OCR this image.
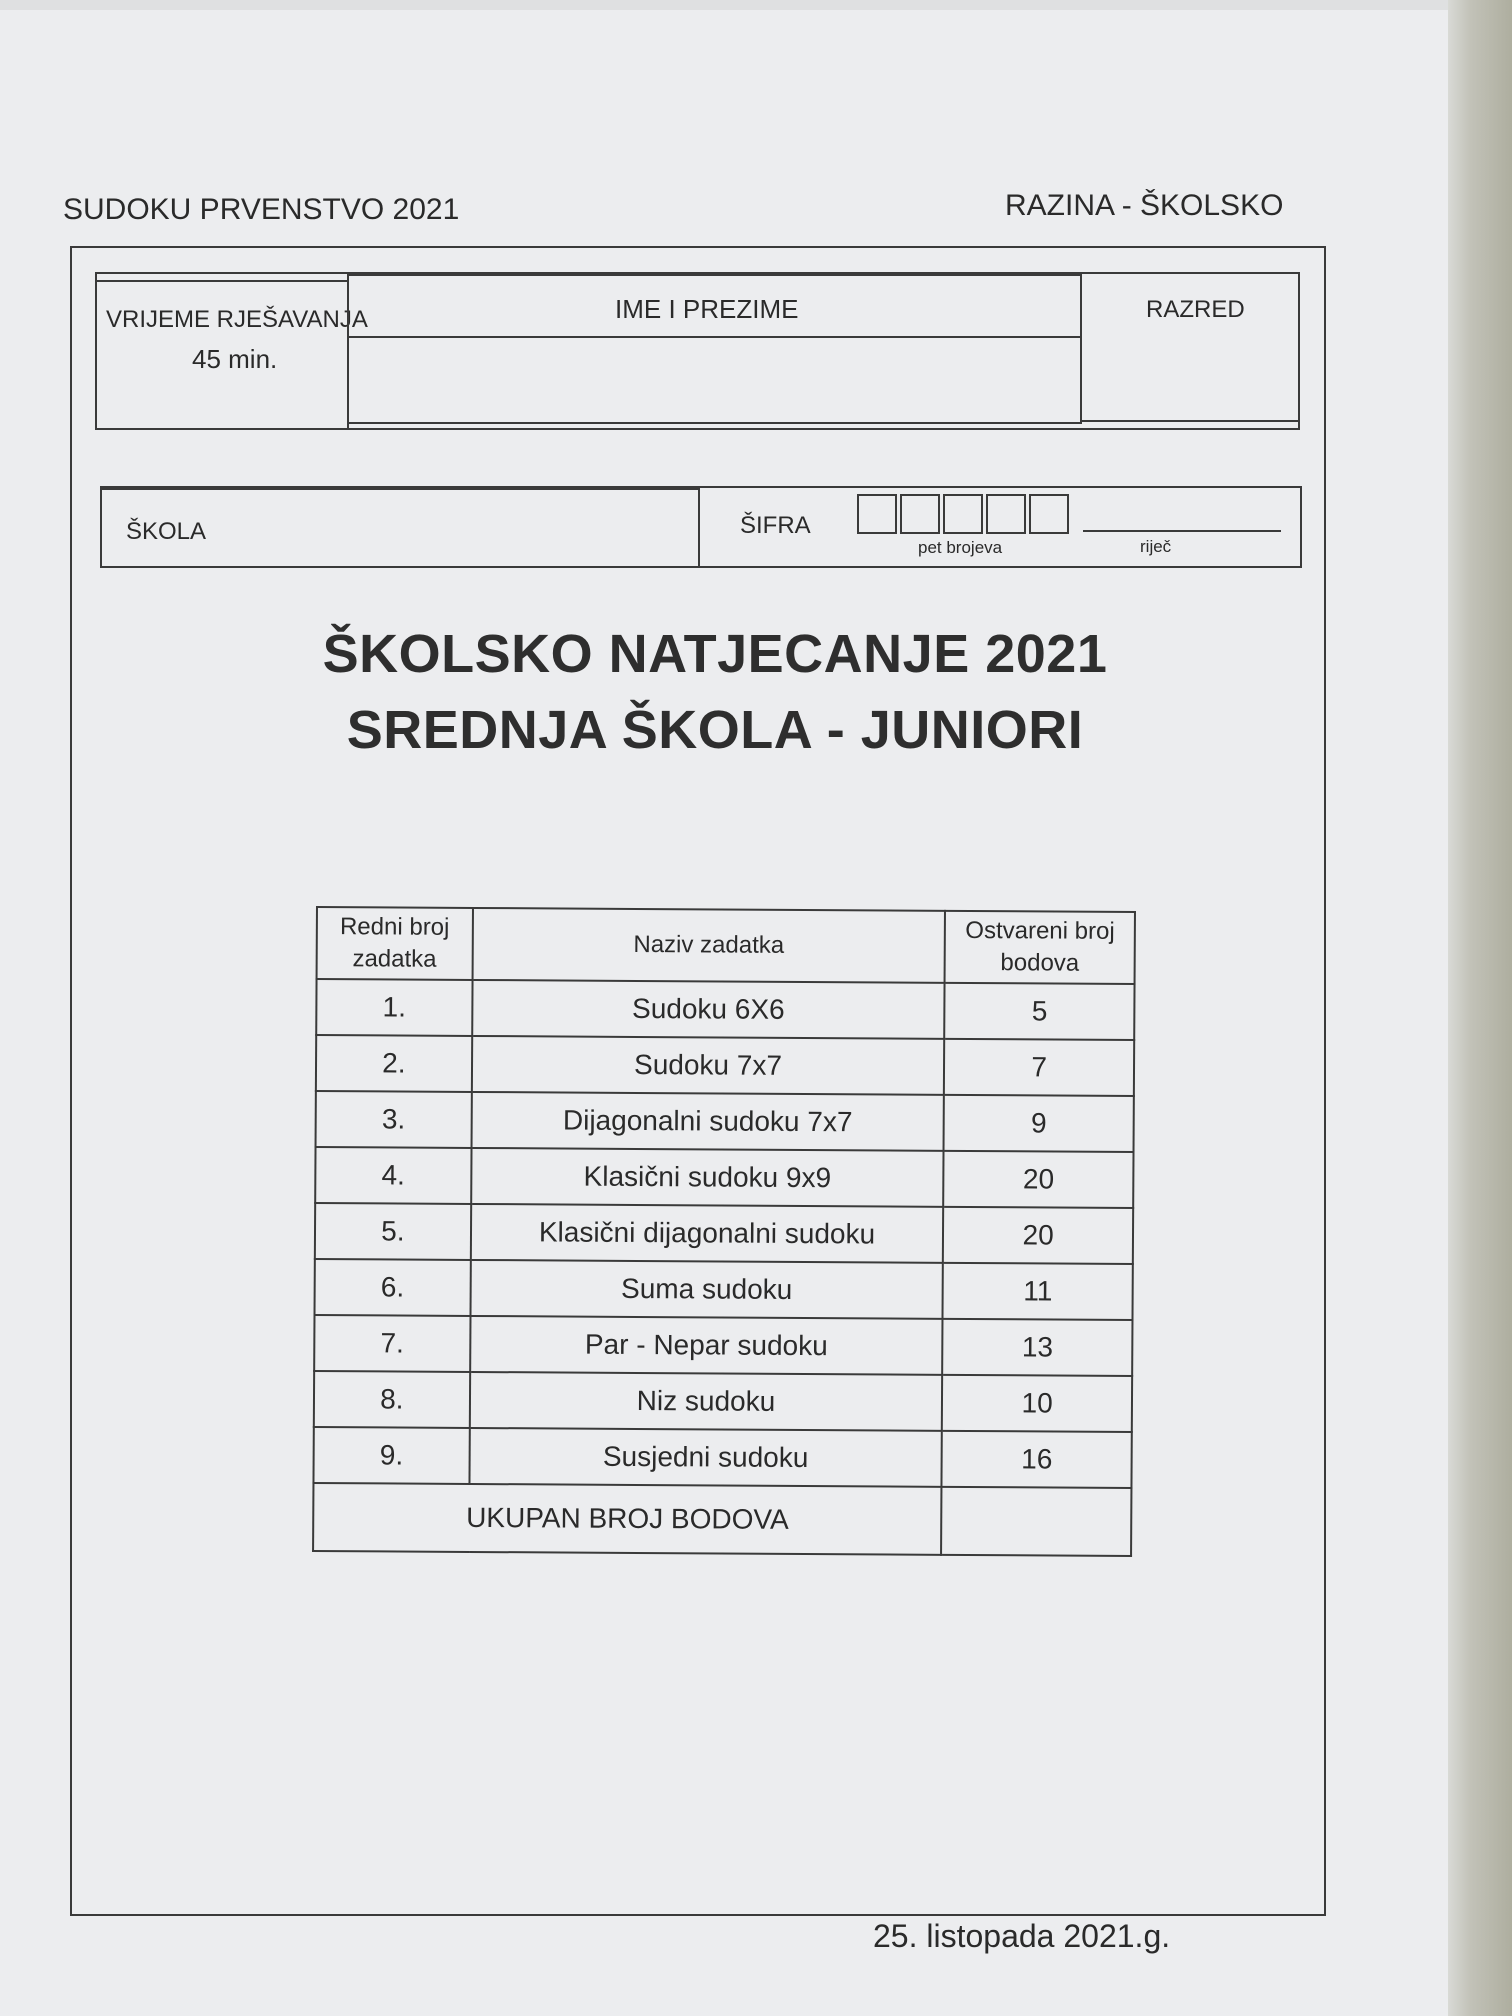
SUDOKU PRVENSTVO 2021	RAZINA - ŠKOLSKO
VRIJEME RJEŠAVANJA
45 min.
IME I PREZIME	RAZRED
ŠKOLA	ŠIFRA
pet brojeva	riječ
ŠKOLSKO NATJECANJE 2021
SREDNJA ŠKOLA - JUNIORI
Redni broj zadatka	Naziv zadatka	Ostvareni broj bodova
1.	Sudoku 6X6	5
2.	Sudoku 7x7	7
3.	Dijagonalni sudoku 7x7	9
4.	Klasični sudoku 9x9	20
5.	Klasični dijagonalni sudoku	20
6.	Suma sudoku	11
7.	Par - Nepar sudoku	13
8.	Niz sudoku	10
9.	Susjedni sudoku	16
UKUPAN BROJ BODOVA		
25. listopada 2021.g.
